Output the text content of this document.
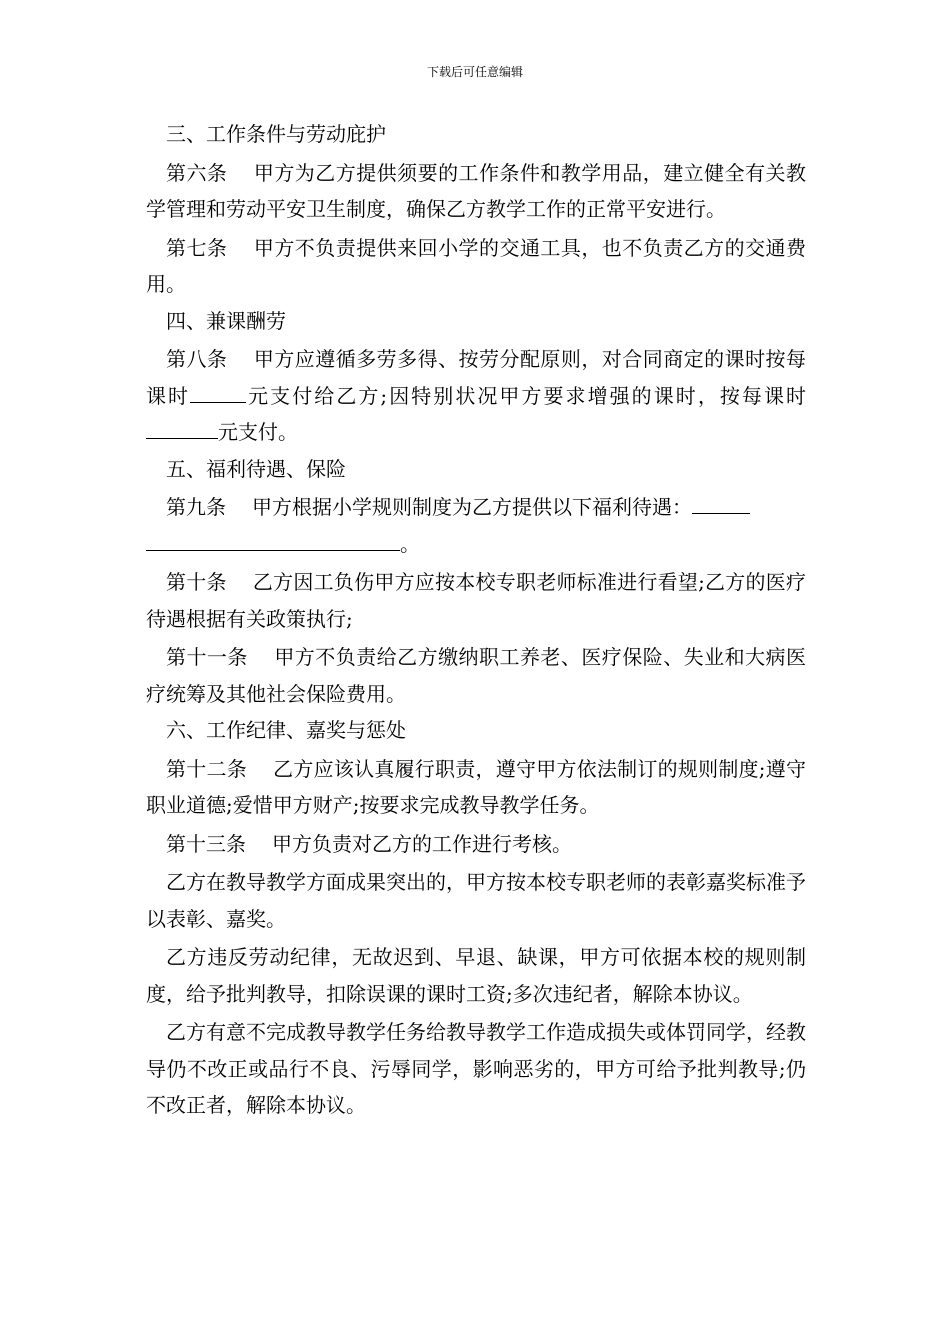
下载后可任意编辑

三、工作条件与劳动庇护

第六条 甲方为乙方提供须要的工作条件和教学用品，建立健全有关教学管理和劳动平安卫生制度，确保乙方教学工作的正常平安进行。

第七条 甲方不负责提供来回小学的交通工具，也不负责乙方的交通费用。

四、兼课酬劳

第八条 甲方应遵循多劳多得、按劳分配原则，对合同商定的课时按每课时	元支付给乙方;因特别状况甲方要求增强的课时，按每课时元支付。

五、福利待遇、保险

第九条 甲方根据小学规则制度为乙方提供以下福利待遇：
。

第十条 乙方因工负伤甲方应按本校专职老师标准进行看望;乙方的医疗待遇根据有关政策执行;

第十一条 甲方不负责给乙方缴纳职工养老、医疗保险、失业和大病医疗统筹及其他社会保险费用。

六、工作纪律、嘉奖与惩处

第十二条 乙方应该认真履行职责，遵守甲方依法制订的规则制度;遵守职业道德;爱惜甲方财产;按要求完成教导教学任务。

第十三条 甲方负责对乙方的工作进行考核。

乙方在教导教学方面成果突出的，甲方按本校专职老师的表彰嘉奖标准予以表彰、嘉奖。

乙方违反劳动纪律，无故迟到、早退、缺课，甲方可依据本校的规则制度，给予批判教导，扣除误课的课时工资;多次违纪者，解除本协议。

乙方有意不完成教导教学任务给教导教学工作造成损失或体罚同学，经教导仍不改正或品行不良、污辱同学，影响恶劣的，甲方可给予批判教导;仍不改正者，解除本协议。
